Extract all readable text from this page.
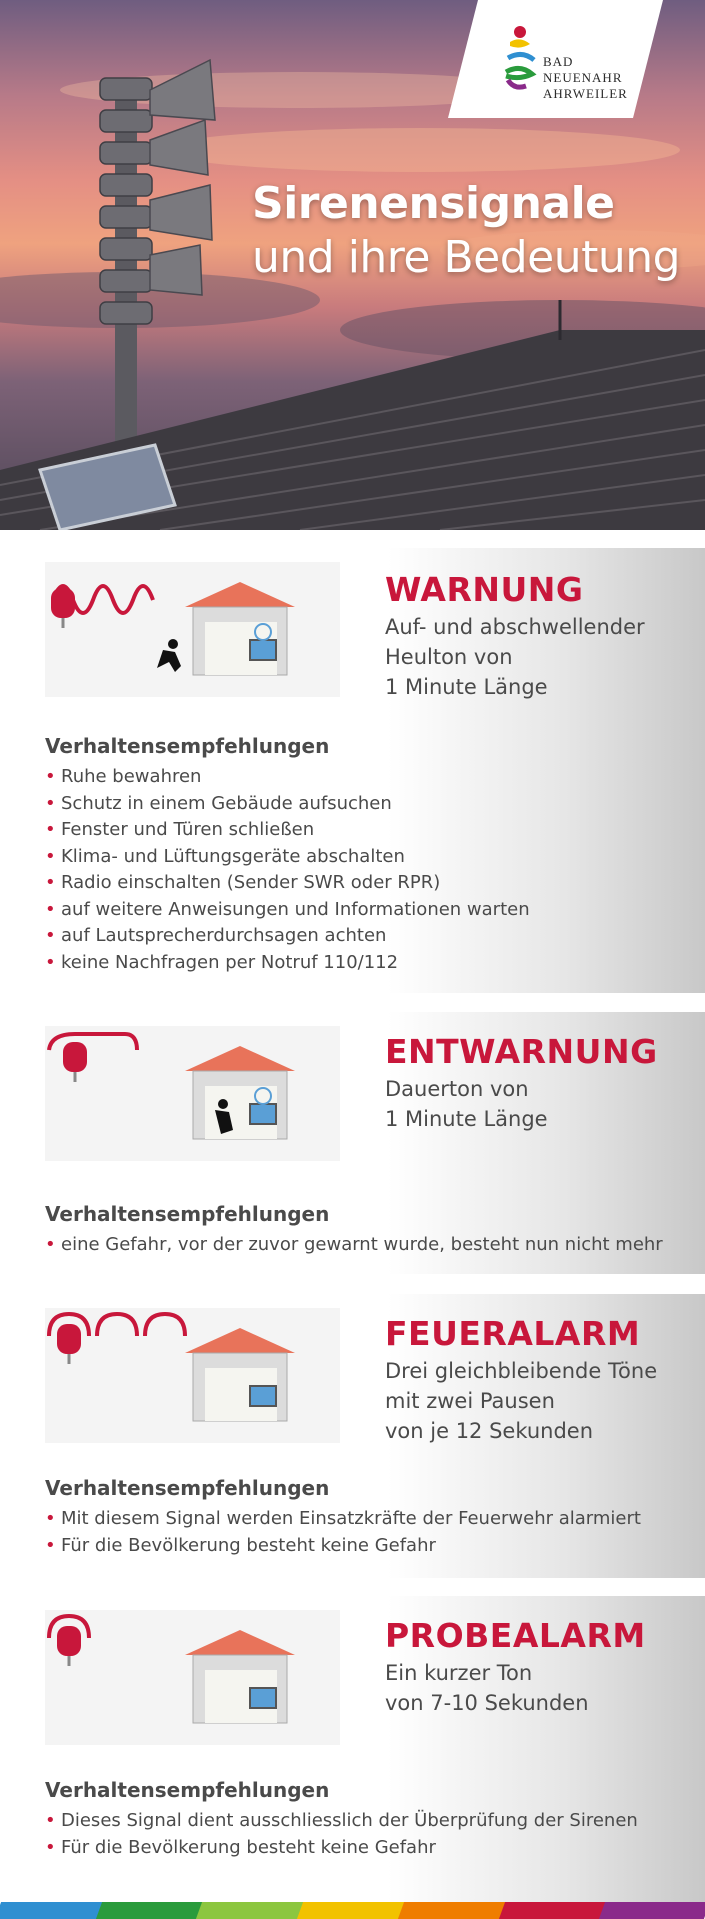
BAD
NEUENAHR
AHRWEILER
Sirenensignale
und ihre Bedeutung
WARNUNG
Auf- und abschwellender
Heulton von
1 Minute Länge
Verhaltensempfehlungen
• Ruhe bewahren
• Schutz in einem Gebäude aufsuchen
• Fenster und Türen schließen
• Klima- und Lüftungsgeräte abschalten
• Radio einschalten (Sender SWR oder RPR)
• auf weitere Anweisungen und Informationen warten
• auf Lautsprecherdurchsagen achten
• keine Nachfragen per Notruf 110/112
ENTWARNUNG
Dauerton von
1 Minute Länge
Verhaltensempfehlungen
• eine Gefahr, vor der zuvor gewarnt wurde, besteht nun nicht mehr
FEUERALARM
Drei gleichbleibende Töne
mit zwei Pausen
von je 12 Sekunden
Verhaltensempfehlungen
• Mit diesem Signal werden Einsatzkräfte der Feuerwehr alarmiert
• Für die Bevölkerung besteht keine Gefahr
PROBEALARM
Ein kurzer Ton
von 7-10 Sekunden
Verhaltensempfehlungen
• Dieses Signal dient ausschliesslich der Überprüfung der Sirenen
• Für die Bevölkerung besteht keine Gefahr
